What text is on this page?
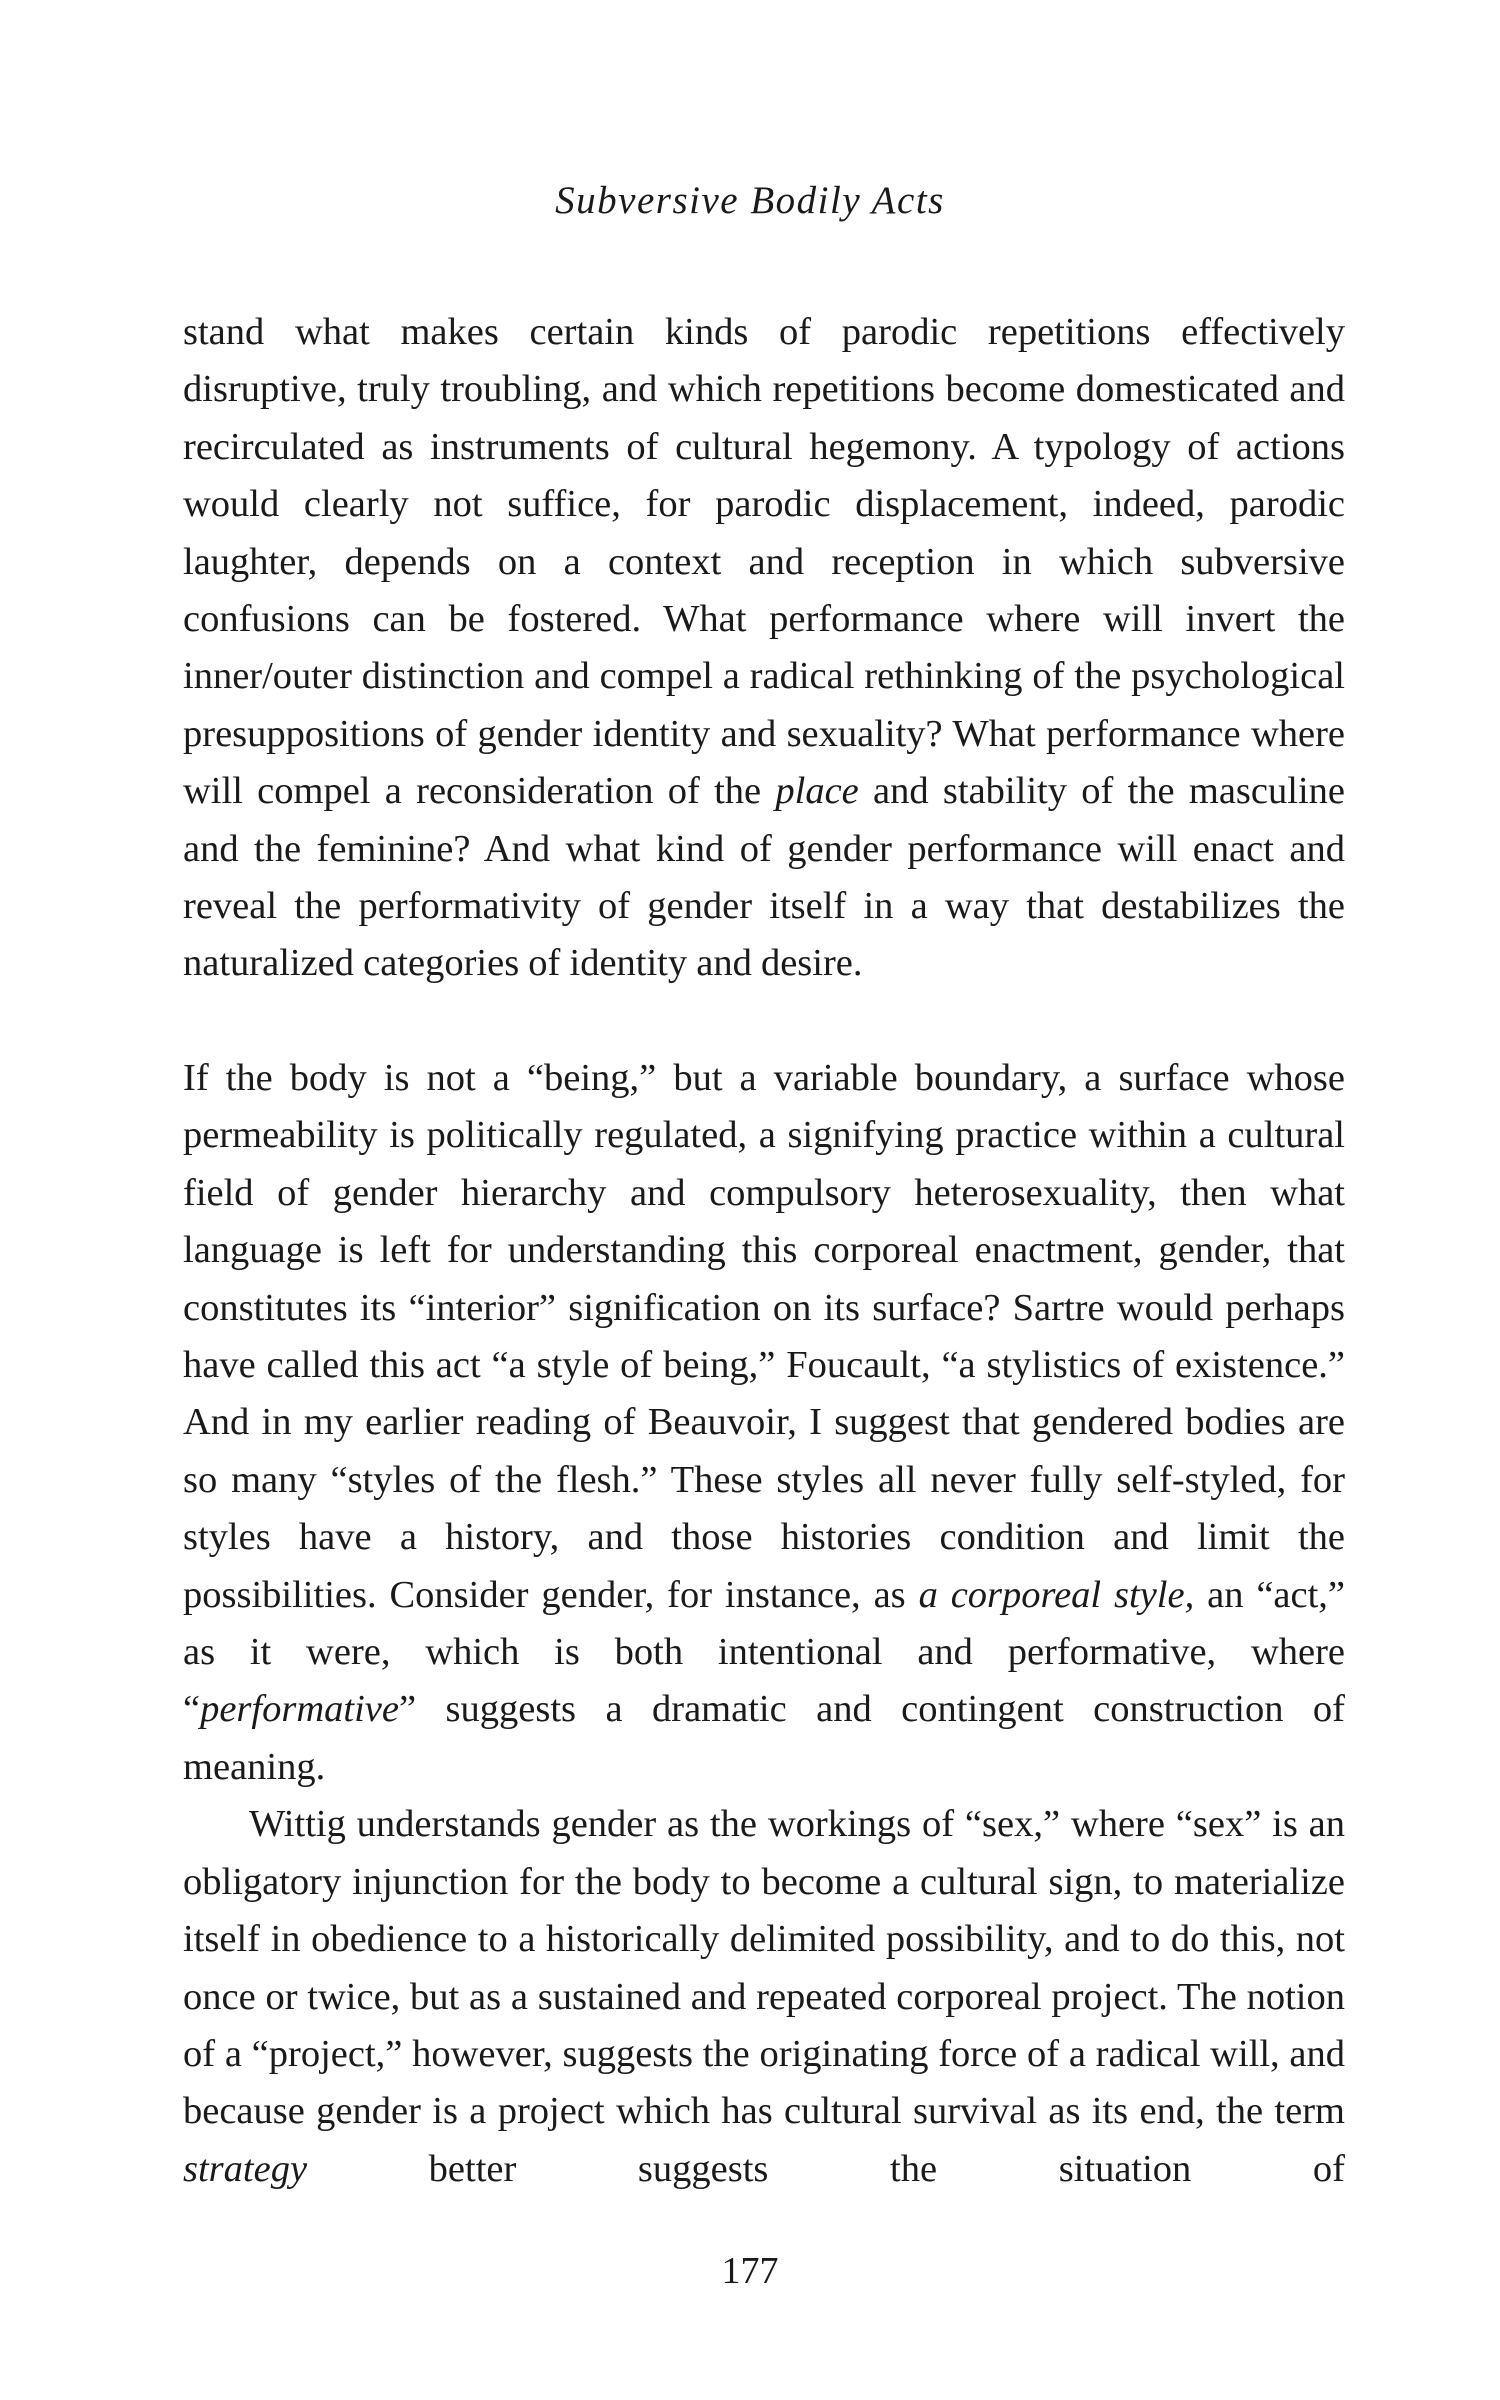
Subversive Bodily Acts

stand what makes certain kinds of parodic repetitions effectively disruptive, truly troubling, and which repetitions become domesticated and recirculated as instruments of cultural hegemony. A typology of actions would clearly not suffice, for parodic displacement, indeed, parodic laughter, depends on a context and reception in which subversive confusions can be fostered. What performance where will invert the inner/outer distinction and compel a radical rethinking of the psychological presuppositions of gender identity and sexuality? What performance where will compel a reconsideration of the place and stability of the masculine and the feminine? And what kind of gender performance will enact and reveal the performativity of gender itself in a way that destabilizes the naturalized categories of identity and desire.

If the body is not a “being,” but a variable boundary, a surface whose permeability is politically regulated, a signifying practice within a cultural field of gender hierarchy and compulsory heterosexuality, then what language is left for understanding this corporeal enactment, gender, that constitutes its “interior” signification on its surface? Sartre would perhaps have called this act “a style of being,” Foucault, “a stylistics of existence.” And in my earlier reading of Beauvoir, I suggest that gendered bodies are so many “styles of the flesh.” These styles all never fully self-styled, for styles have a history, and those histories condition and limit the possibilities. Consider gender, for instance, as a corporeal style, an “act,” as it were, which is both intentional and performative, where “performative” suggests a dramatic and contingent construction of meaning.

Wittig understands gender as the workings of “sex,” where “sex” is an obligatory injunction for the body to become a cultural sign, to materialize itself in obedience to a historically delimited possibility, and to do this, not once or twice, but as a sustained and repeated corporeal project. The notion of a “project,” however, suggests the originating force of a radical will, and because gender is a project which has cultural survival as its end, the term strategy better suggests the situation of

177
